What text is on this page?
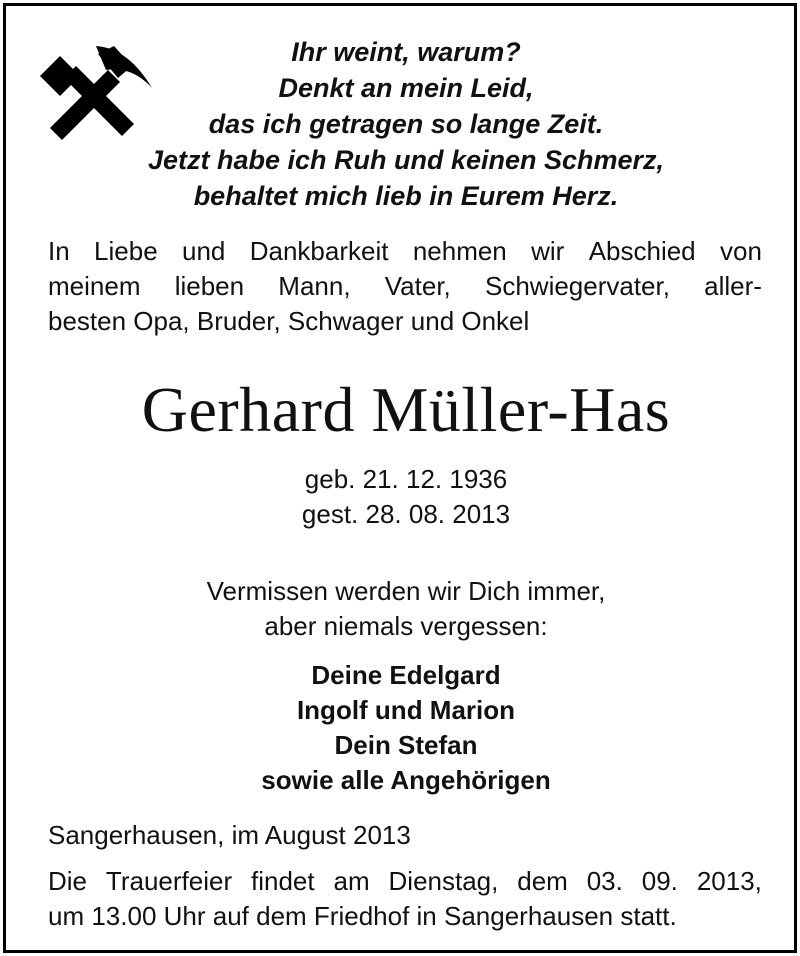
Ihr weint, warum?
Denkt an mein Leid,
das ich getragen so lange Zeit.
Jetzt habe ich Ruh und keinen Schmerz,
behaltet mich lieb in Eurem Herz.
In Liebe und Dankbarkeit nehmen wir Abschied von
meinem lieben Mann, Vater, Schwiegervater, aller-
besten Opa, Bruder, Schwager und Onkel
Gerhard Müller-Has
geb. 21. 12. 1936
gest. 28. 08. 2013
Vermissen werden wir Dich immer,
aber niemals vergessen:
Deine Edelgard
Ingolf und Marion
Dein Stefan
sowie alle Angehörigen
Sangerhausen, im August 2013
Die Trauerfeier findet am Dienstag, dem 03. 09. 2013,
um 13.00 Uhr auf dem Friedhof in Sangerhausen statt.
